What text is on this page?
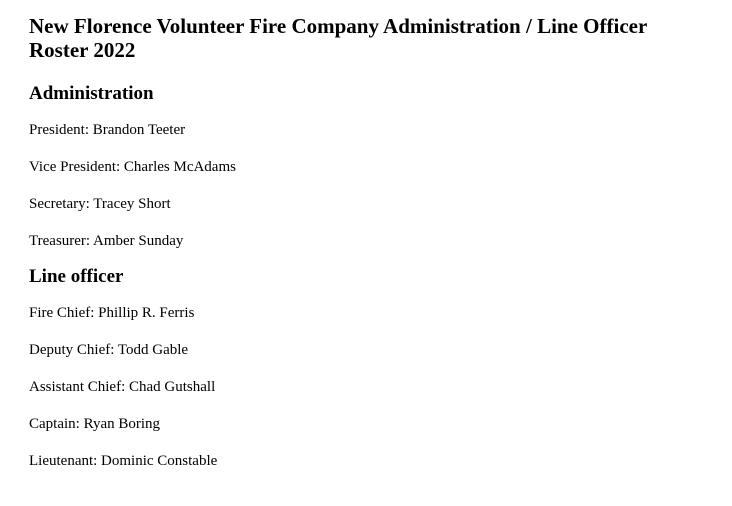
New Florence Volunteer Fire Company Administration / Line Officer Roster 2022
Administration

President: Brandon Teeter

Vice President: Charles McAdams

Secretary: Tracey Short

Treasurer: Amber Sunday

Line officer

Fire Chief: Phillip R. Ferris

Deputy Chief: Todd Gable

Assistant Chief: Chad Gutshall

Captain: Ryan Boring

Lieutenant: Dominic Constable
